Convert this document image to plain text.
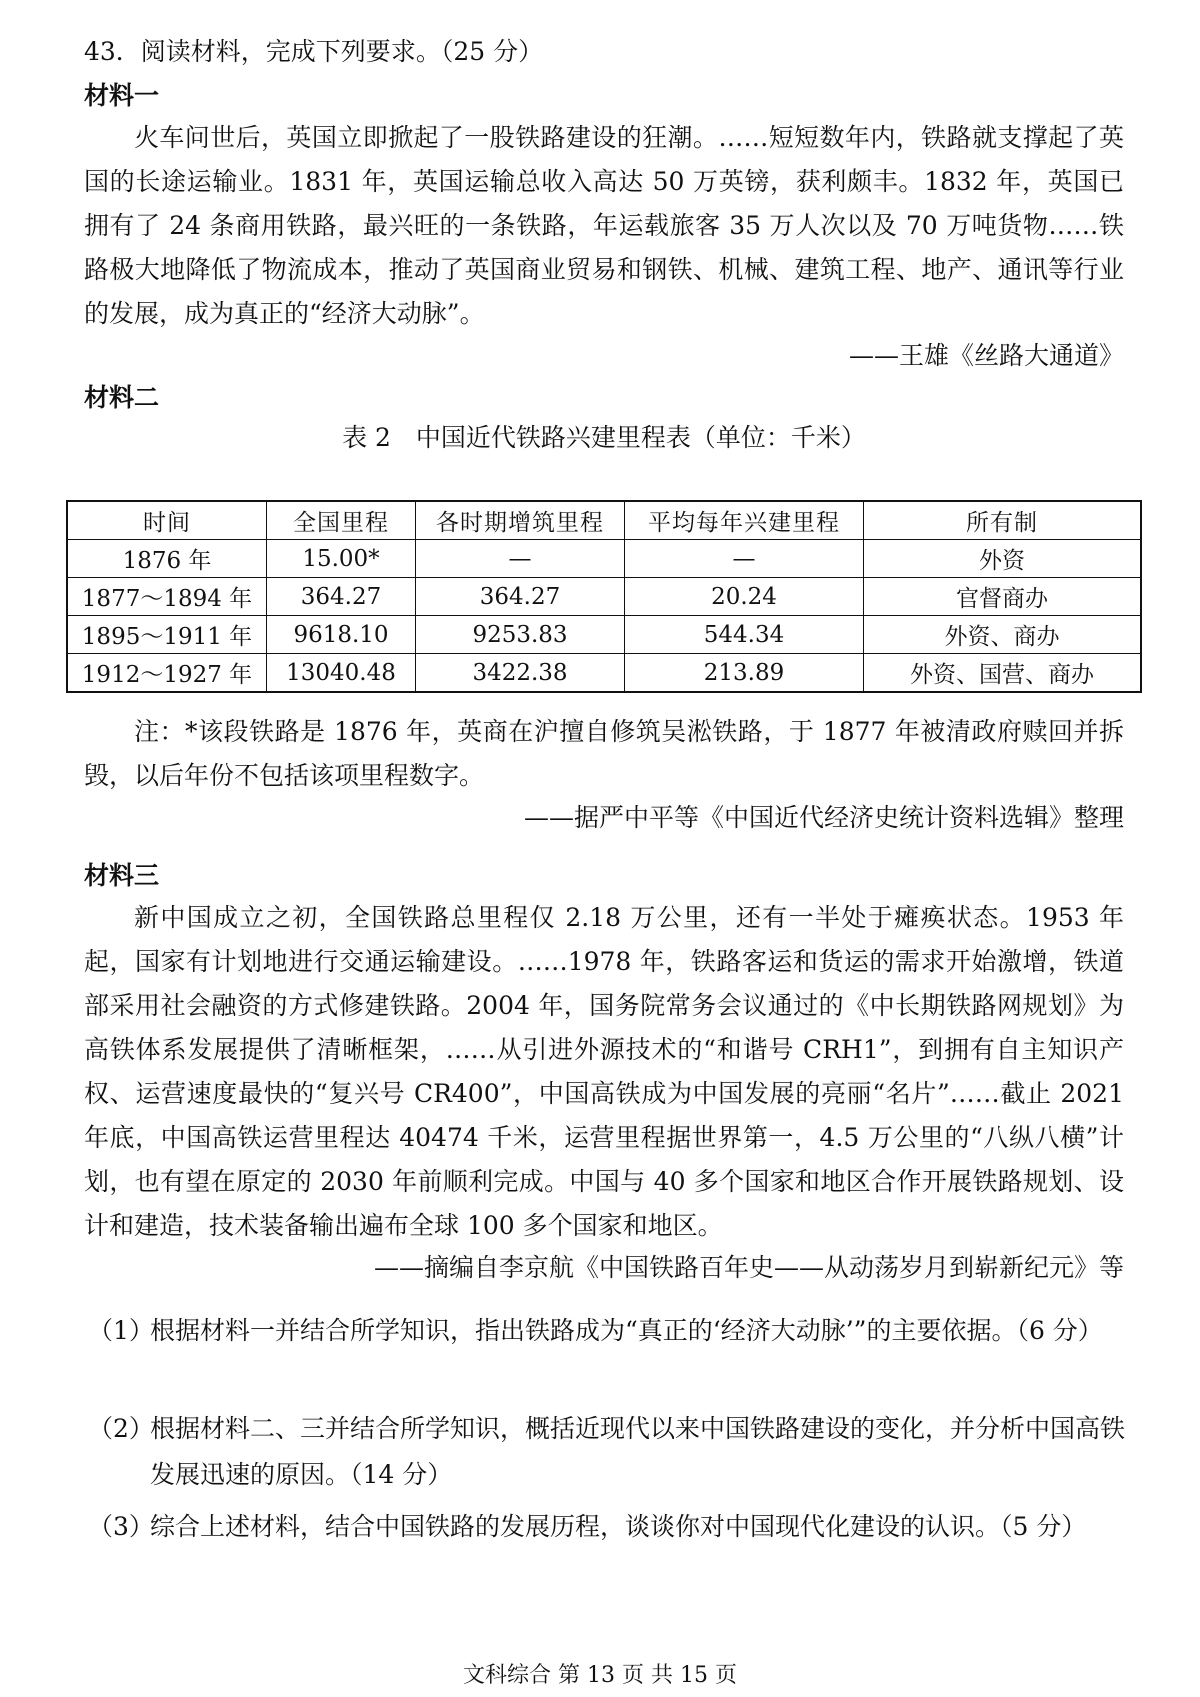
43．阅读材料，完成下列要求。（25 分）

材料一

火车问世后，英国立即掀起了一股铁路建设的狂潮。……短短数年内，铁路就支撑起了英国的长途运输业。1831 年，英国运输总收入高达 50 万英镑，获利颇丰。1832 年，英国已拥有了 24 条商用铁路，最兴旺的一条铁路，年运载旅客 35 万人次以及 70 万吨货物……铁路极大地降低了物流成本，推动了英国商业贸易和钢铁、机械、建筑工程、地产、通讯等行业的发展，成为真正的“经济大动脉”。

——王雄《丝路大通道》

材料二

表 2　中国近代铁路兴建里程表（单位：千米）

时间	全国里程	各时期增筑里程	平均每年兴建里程	所有制
1876 年	15.00*	—	—	外资
1877～1894 年	364.27	364.27	20.24	官督商办
1895～1911 年	9618.10	9253.83	544.34	外资、商办
1912～1927 年	13040.48	3422.38	213.89	外资、国营、商办

注：*该段铁路是 1876 年，英商在沪擅自修筑吴淞铁路，于 1877 年被清政府赎回并拆毁，以后年份不包括该项里程数字。

——据严中平等《中国近代经济史统计资料选辑》整理

材料三

新中国成立之初，全国铁路总里程仅 2.18 万公里，还有一半处于瘫痪状态。1953 年起，国家有计划地进行交通运输建设。……1978 年，铁路客运和货运的需求开始激增，铁道部采用社会融资的方式修建铁路。2004 年，国务院常务会议通过的《中长期铁路网规划》为高铁体系发展提供了清晰框架，……从引进外源技术的“和谐号 CRH1”，到拥有自主知识产权、运营速度最快的“复兴号 CR400”，中国高铁成为中国发展的亮丽“名片”……截止 2021 年底，中国高铁运营里程达 40474 千米，运营里程据世界第一，4.5 万公里的“八纵八横”计划，也有望在原定的 2030 年前顺利完成。中国与 40 多个国家和地区合作开展铁路规划、设计和建造，技术装备输出遍布全球 100 多个国家和地区。

——摘编自李京航《中国铁路百年史——从动荡岁月到崭新纪元》等

（1）
根据材料一并结合所学知识，指出铁路成为“真正的‘经济大动脉’”的主要依据。（6 分）
（2）
根据材料二、三并结合所学知识，概括近现代以来中国铁路建设的变化，并分析中国高铁发展迅速的原因。（14 分）
（3）
综合上述材料，结合中国铁路的发展历程，谈谈你对中国现代化建设的认识。（5 分）
文科综合 第 13 页 共 15 页
